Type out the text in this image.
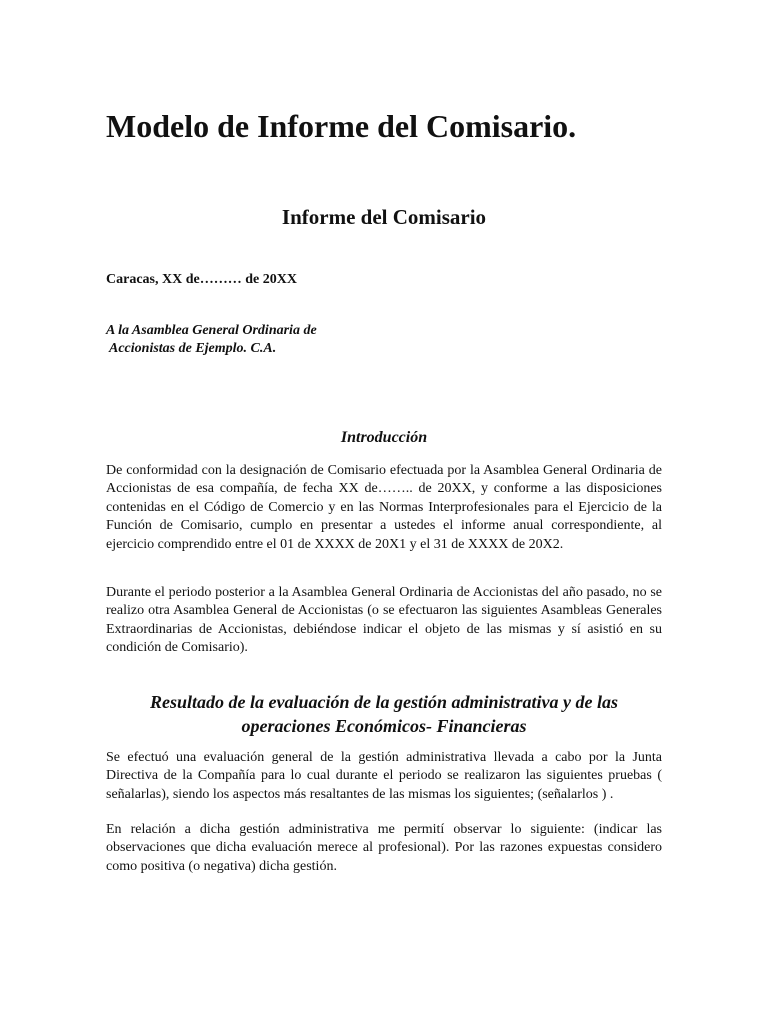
Modelo de Informe del Comisario.
Informe del Comisario

Caracas, XX de……… de 20XX

A la Asamblea General Ordinaria de
Accionistas de Ejemplo. C.A.

Introducción

De conformidad con la designación de Comisario efectuada por la Asamblea General Ordinaria de Accionistas de esa compañía, de fecha XX de…….. de 20XX, y conforme a las disposiciones contenidas en el Código de Comercio y en las Normas Interprofesionales para el Ejercicio de la Función de Comisario, cumplo en presentar a ustedes el informe anual correspondiente, al ejercicio comprendido entre el 01 de XXXX de 20X1 y el 31 de XXXX de 20X2.

Durante el periodo posterior a la Asamblea General Ordinaria de Accionistas del año pasado, no se realizo otra Asamblea General de Accionistas (o se efectuaron las siguientes Asambleas Generales Extraordinarias de Accionistas, debiéndose indicar el objeto de las mismas y sí asistió en su condición de Comisario).

Resultado de la evaluación de la gestión administrativa y de las operaciones Económicos- Financieras

Se efectuó una evaluación general de la gestión administrativa llevada a cabo por la Junta Directiva de la Compañía para lo cual durante el periodo se realizaron las siguientes pruebas ( señalarlas), siendo los aspectos más resaltantes de las mismas los siguientes; (señalarlos ) .

En relación a dicha gestión administrativa me permití observar lo siguiente: (indicar las observaciones que dicha evaluación merece al profesional). Por las razones expuestas considero como positiva (o negativa) dicha gestión.
